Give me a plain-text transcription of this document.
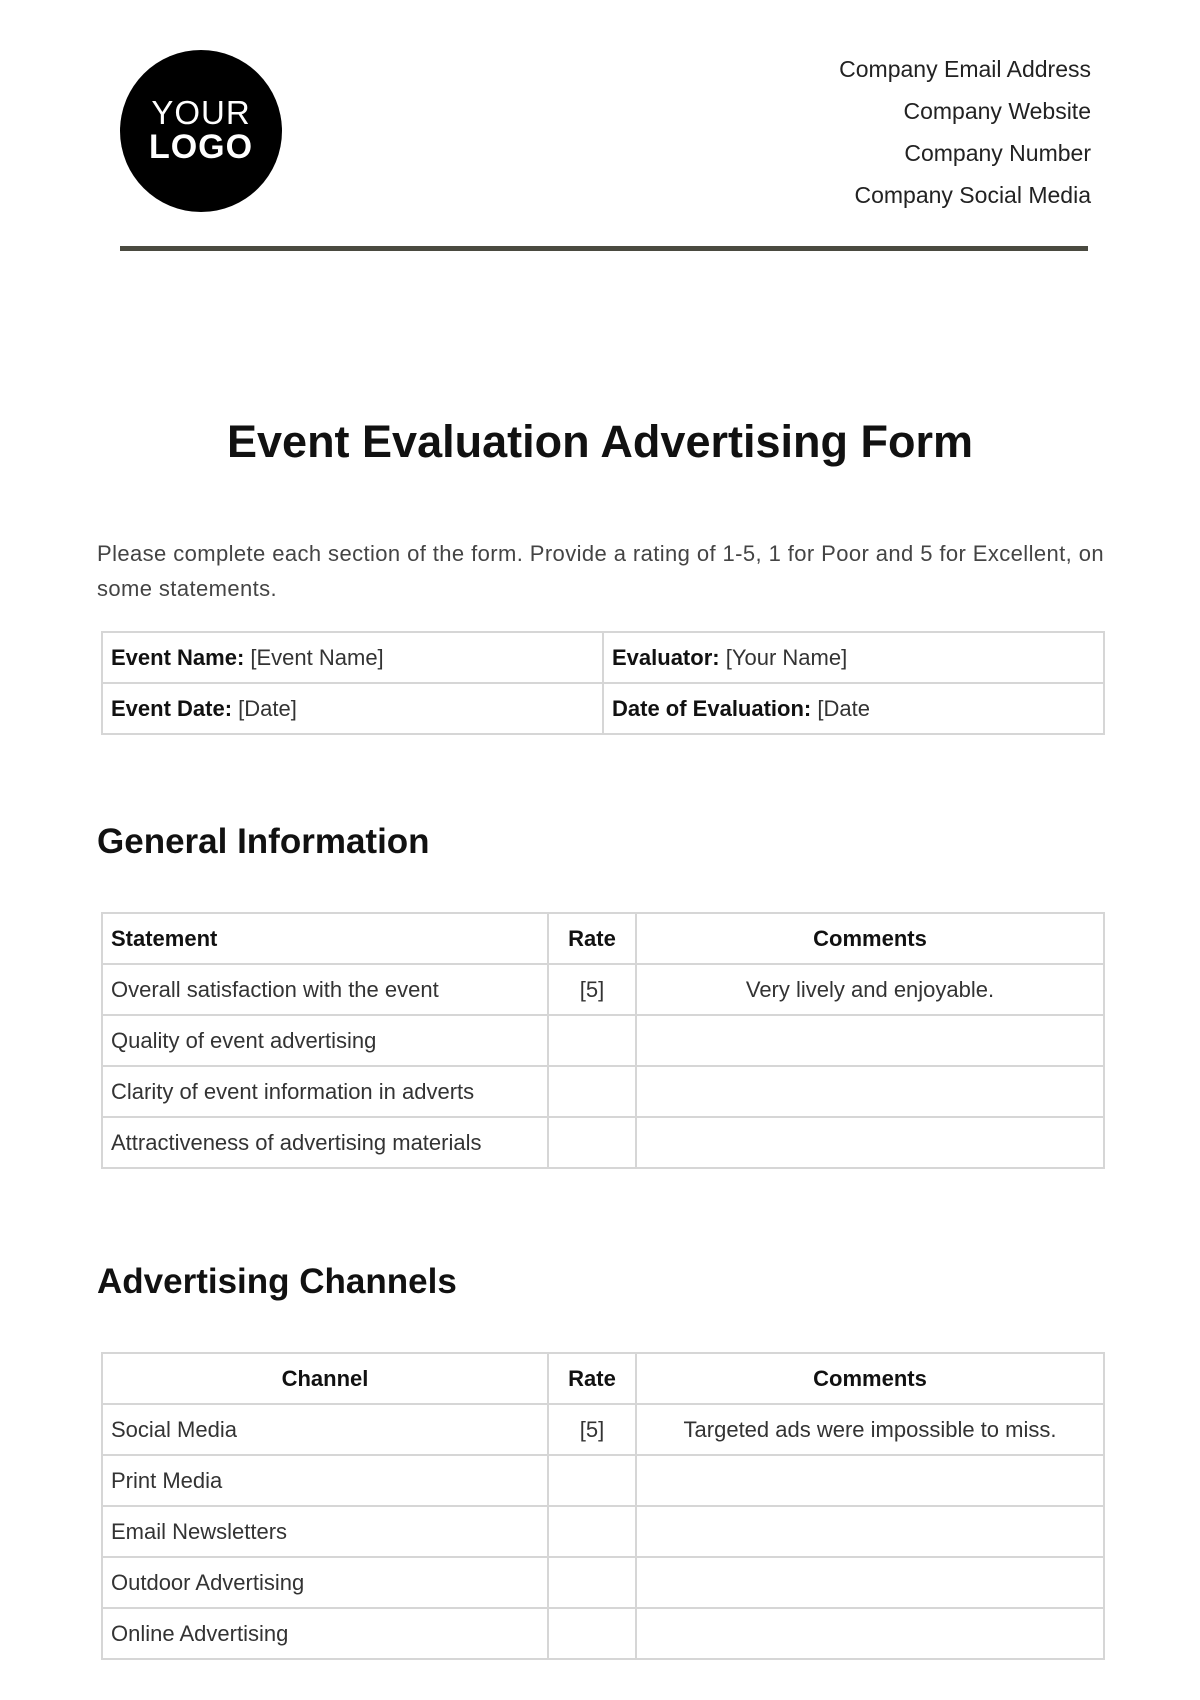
YOUR
LOGO
Company Email Address
Company Website
Company Number
Company Social Media
Event Evaluation Advertising Form

Please complete each section of the form. Provide a rating of 1-5, 1 for Poor and 5 for Excellent, on some statements.

Event Name: [Event Name]	Evaluator: [Your Name]
Event Date: [Date]	Date of Evaluation: [Date
General Information
Statement	Rate	Comments
Overall satisfaction with the event	[5]	Very lively and enjoyable.
Quality of event advertising		
Clarity of event information in adverts		
Attractiveness of advertising materials		
Advertising Channels
Channel	Rate	Comments
Social Media	[5]	Targeted ads were impossible to miss.
Print Media		
Email Newsletters		
Outdoor Advertising		
Online Advertising		
